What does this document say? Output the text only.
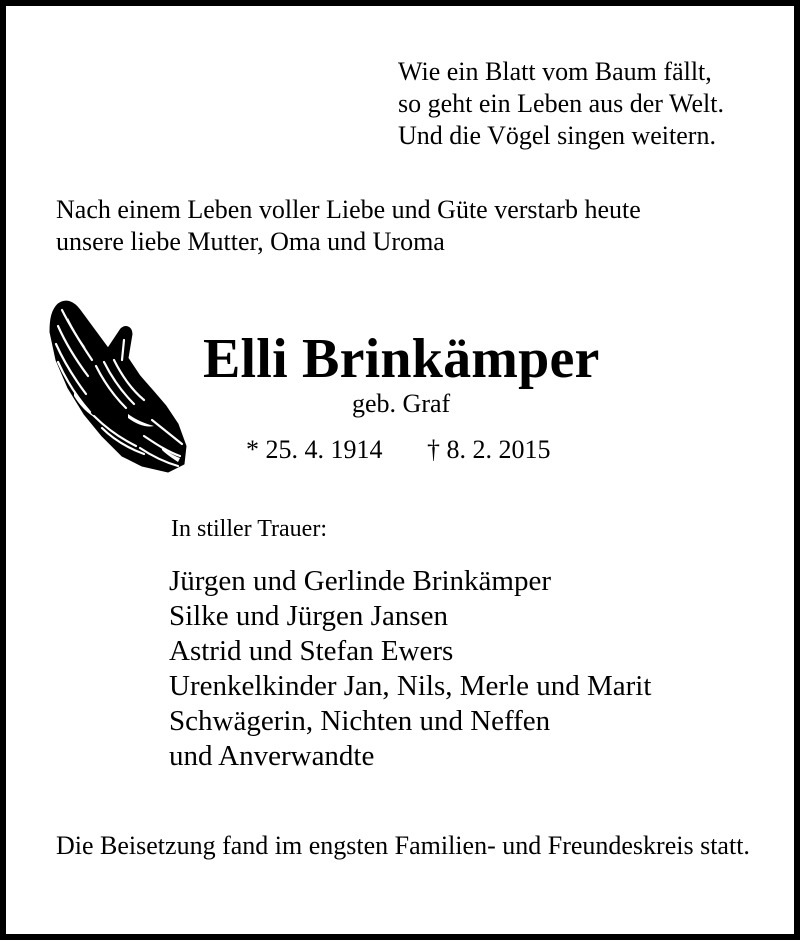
Wie ein Blatt vom Baum fällt,
so geht ein Leben aus der Welt.
Und die Vögel singen weitern.
Nach einem Leben voller Liebe und Güte verstarb heute
unsere liebe Mutter, Oma und Uroma
Elli Brinkämper
geb. Graf
* 25. 4. 1914 † 8. 2. 2015
In stiller Trauer:
Jürgen und Gerlinde Brinkämper
Silke und Jürgen Jansen
Astrid und Stefan Ewers
Urenkelkinder Jan, Nils, Merle und Marit
Schwägerin, Nichten und Neffen
und Anverwandte
Die Beisetzung fand im engsten Familien- und Freundeskreis statt.
